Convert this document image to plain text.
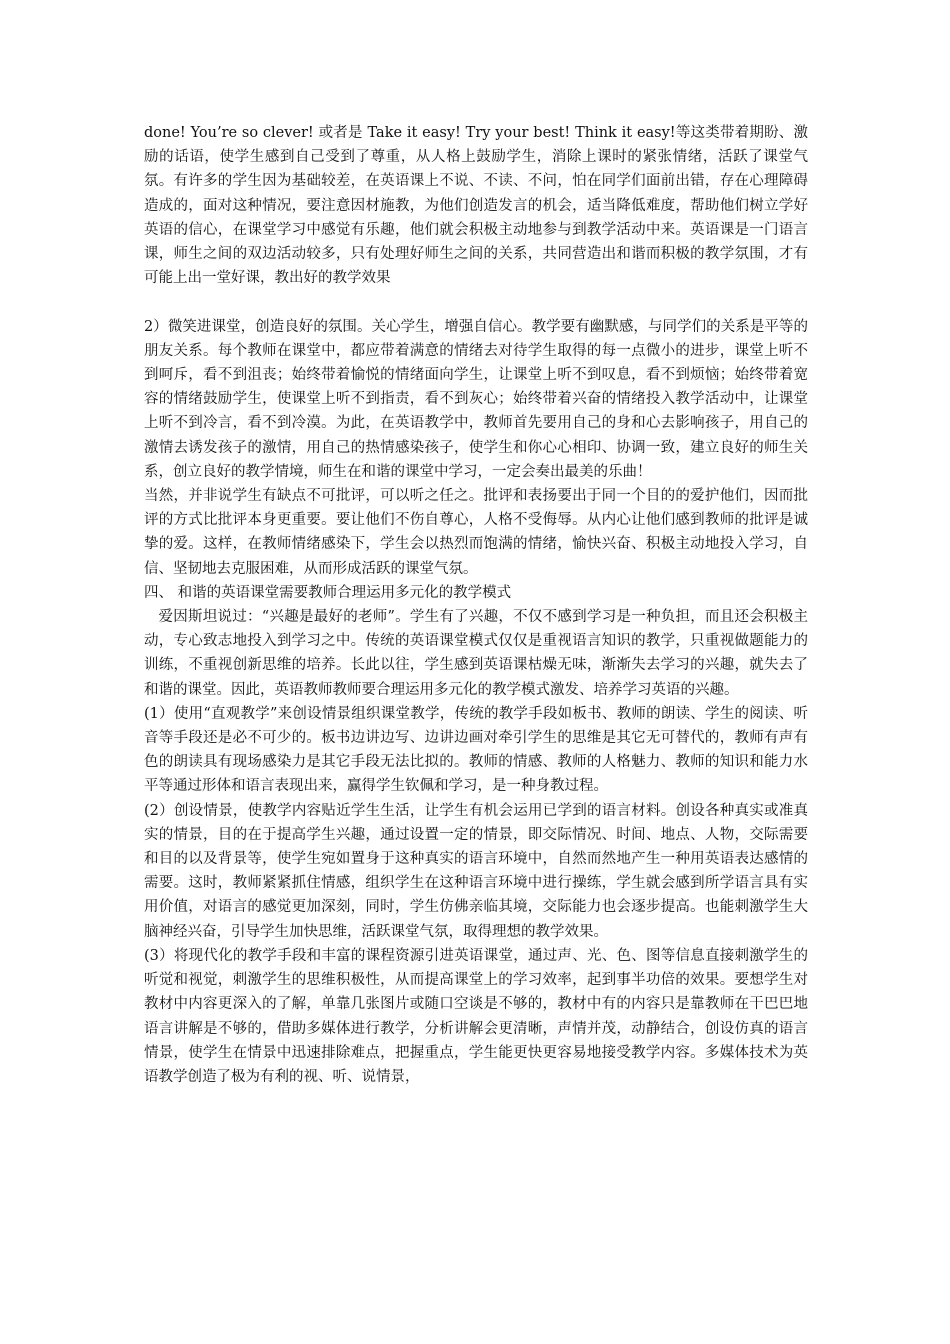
done! You’re so clever! 或者是 Take it easy! Try your best! Think it easy!等这类带着期盼、激励的话语，使学生感到自己受到了尊重，从人格上鼓励学生，消除上课时的紧张情绪，活跃了课堂气氛。有许多的学生因为基础较差，在英语课上不说、不读、不问，怕在同学们面前出错，存在心理障碍造成的，面对这种情况，要注意因材施教，为他们创造发言的机会，适当降低难度，帮助他们树立学好英语的信心，在课堂学习中感觉有乐趣，他们就会积极主动地参与到教学活动中来。英语课是一门语言课，师生之间的双边活动较多，只有处理好师生之间的关系，共同营造出和谐而积极的教学氛围，才有可能上出一堂好课，教出好的教学效果

2）微笑进课堂，创造良好的氛围。关心学生，增强自信心。教学要有幽默感，与同学们的关系是平等的朋友关系。每个教师在课堂中，都应带着满意的情绪去对待学生取得的每一点微小的进步，课堂上听不到呵斥，看不到沮丧；始终带着愉悦的情绪面向学生，让课堂上听不到叹息，看不到烦恼；始终带着宽容的情绪鼓励学生，使课堂上听不到指责，看不到灰心；始终带着兴奋的情绪投入教学活动中，让课堂上听不到冷言，看不到冷漠。为此，在英语教学中，教师首先要用自己的身和心去影响孩子，用自己的激情去诱发孩子的激情，用自己的热情感染孩子，使学生和你心心相印、协调一致，建立良好的师生关系，创立良好的教学情境，师生在和谐的课堂中学习，一定会奏出最美的乐曲！

当然，并非说学生有缺点不可批评，可以听之任之。批评和表扬要出于同一个目的的爱护他们，因而批评的方式比批评本身更重要。要让他们不伤自尊心，人格不受侮辱。从内心让他们感到教师的批评是诚挚的爱。这样，在教师情绪感染下，学生会以热烈而饱满的情绪，愉快兴奋、积极主动地投入学习，自信、坚韧地去克服困难，从而形成活跃的课堂气氛。

四、 和谐的英语课堂需要教师合理运用多元化的教学模式

爱因斯坦说过：“兴趣是最好的老师”。学生有了兴趣，不仅不感到学习是一种负担，而且还会积极主动，专心致志地投入到学习之中。传统的英语课堂模式仅仅是重视语言知识的教学，只重视做题能力的训练，不重视创新思维的培养。长此以往，学生感到英语课枯燥无味，渐渐失去学习的兴趣，就失去了和谐的课堂。因此，英语教师教师要合理运用多元化的教学模式激发、培养学习英语的兴趣。

(1）使用“直观教学”来创设情景组织课堂教学，传统的教学手段如板书、教师的朗读、学生的阅读、听音等手段还是必不可少的。板书边讲边写、边讲边画对牵引学生的思维是其它无可替代的，教师有声有色的朗读具有现场感染力是其它手段无法比拟的。教师的情感、教师的人格魅力、教师的知识和能力水平等通过形体和语言表现出来，赢得学生钦佩和学习，是一种身教过程。

(2）创设情景，使教学内容贴近学生生活，让学生有机会运用已学到的语言材料。创设各种真实或准真实的情景，目的在于提高学生兴趣，通过设置一定的情景，即交际情况、时间、地点、人物，交际需要和目的以及背景等，使学生宛如置身于这种真实的语言环境中，自然而然地产生一种用英语表达感情的需要。这时，教师紧紧抓住情感，组织学生在这种语言环境中进行操练，学生就会感到所学语言具有实用价值，对语言的感觉更加深刻，同时，学生仿佛亲临其境，交际能力也会逐步提高。也能刺激学生大脑神经兴奋，引导学生加快思维，活跃课堂气氛，取得理想的教学效果。

(3）将现代化的教学手段和丰富的课程资源引进英语课堂，通过声、光、色、图等信息直接刺激学生的听觉和视觉，刺激学生的思维积极性，从而提高课堂上的学习效率，起到事半功倍的效果。要想学生对教材中内容更深入的了解，单靠几张图片或随口空谈是不够的，教材中有的内容只是靠教师在干巴巴地语言讲解是不够的，借助多媒体进行教学，分析讲解会更清晰，声情并茂，动静结合，创设仿真的语言情景，使学生在情景中迅速排除难点，把握重点，学生能更快更容易地接受教学内容。多媒体技术为英语教学创造了极为有利的视、听、说情景，
